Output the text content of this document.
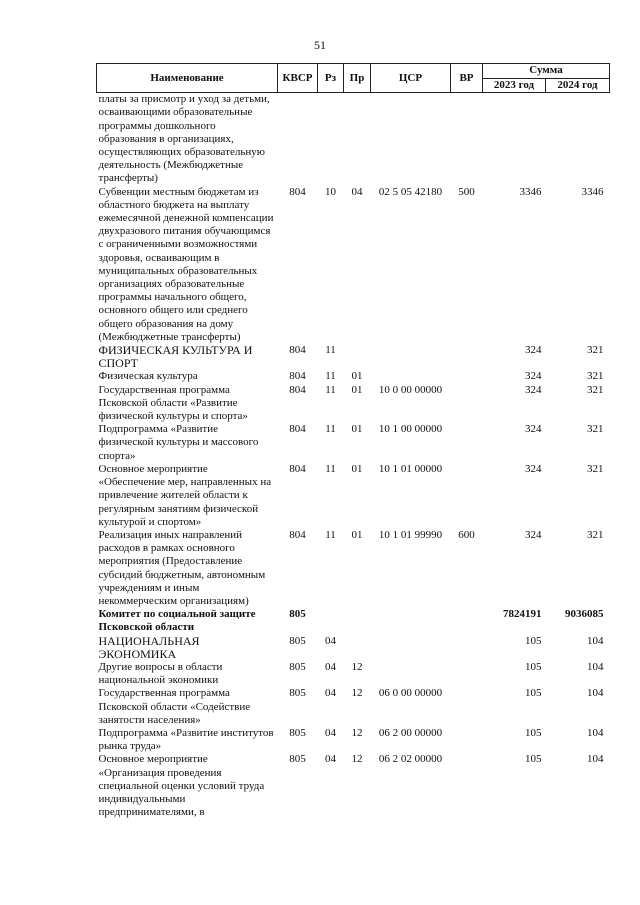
51
Наименование	КВСР	Рз	Пр	ЦСР	ВР	Сумма	
						2023 год	2024 год
платы за присмотр и уход за детьми, осваивающими образовательные программы дошкольного образования в организациях, осуществляющих образовательную деятельность (Межбюджетные трансферты)							
Субвенции местным бюджетам из областного бюджета на выплату ежемесячной денежной компенсации двухразового питания обучающимся с ограниченными возможностями здоровья, осваивающим в муниципальных образовательных организациях образовательные программы начального общего, основного общего или среднего общего образования на дому (Межбюджетные трансферты)	804	10	04	02 5 05 42180	500	3346	3346
ФИЗИЧЕСКАЯ КУЛЬТУРА И СПОРТ	804	11				324	321
Физическая культура	804	11	01			324	321
Государственная программа Псковской области «Развитие физической культуры и спорта»	804	11	01	10 0 00 00000		324	321
Подпрограмма «Развитие физической культуры и массового спорта»	804	11	01	10 1 00 00000		324	321
Основное мероприятие «Обеспечение мер, направленных на привлечение жителей области к регулярным занятиям физической культурой и спортом»	804	11	01	10 1 01 00000		324	321
Реализация иных направлений расходов в рамках основного мероприятия (Предоставление субсидий бюджетным, автономным учреждениям и иным некоммерческим организациям)	804	11	01	10 1 01 99990	600	324	321
Комитет по социальной защите Псковской области	805					7824191	9036085
НАЦИОНАЛЬНАЯ ЭКОНОМИКА	805	04				105	104
Другие вопросы в области национальной экономики	805	04	12			105	104
Государственная программа Псковской области «Содействие занятости населения»	805	04	12	06 0 00 00000		105	104
Подпрограмма «Развитие институтов рынка труда»	805	04	12	06 2 00 00000		105	104
Основное мероприятие «Организация проведения специальной оценки условий труда индивидуальными предпринимателями, в	805	04	12	06 2 02 00000		105	104
